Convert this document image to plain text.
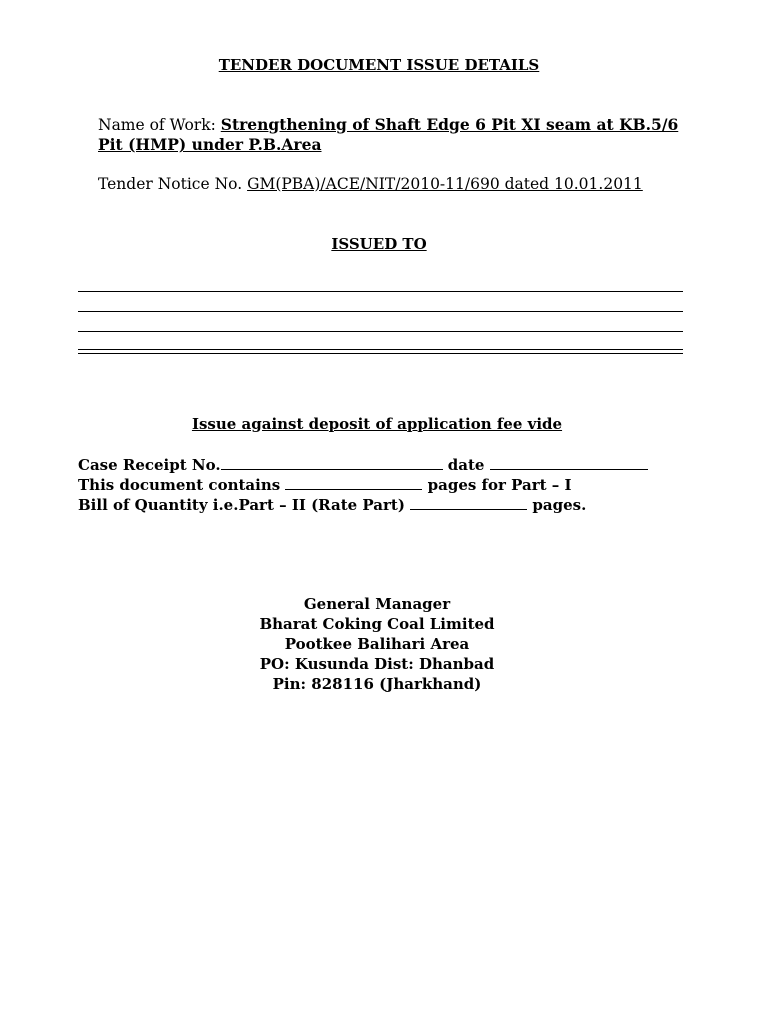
TENDER DOCUMENT ISSUE DETAILS
Name of Work: Strengthening of Shaft Edge 6 Pit XI seam at KB.5/6
Pit (HMP) under P.B.Area
Tender Notice No. GM(PBA)/ACE/NIT/2010-11/690 dated 10.01.2011
ISSUED TO
Issue against deposit of application fee vide
Case Receipt No.	date
This document contains	pages for Part – I
Bill of Quantity i.e.Part – II (Rate Part)	pages.
General Manager
Bharat Coking Coal Limited
Pootkee Balihari Area
PO: Kusunda Dist: Dhanbad
Pin: 828116 (Jharkhand)
